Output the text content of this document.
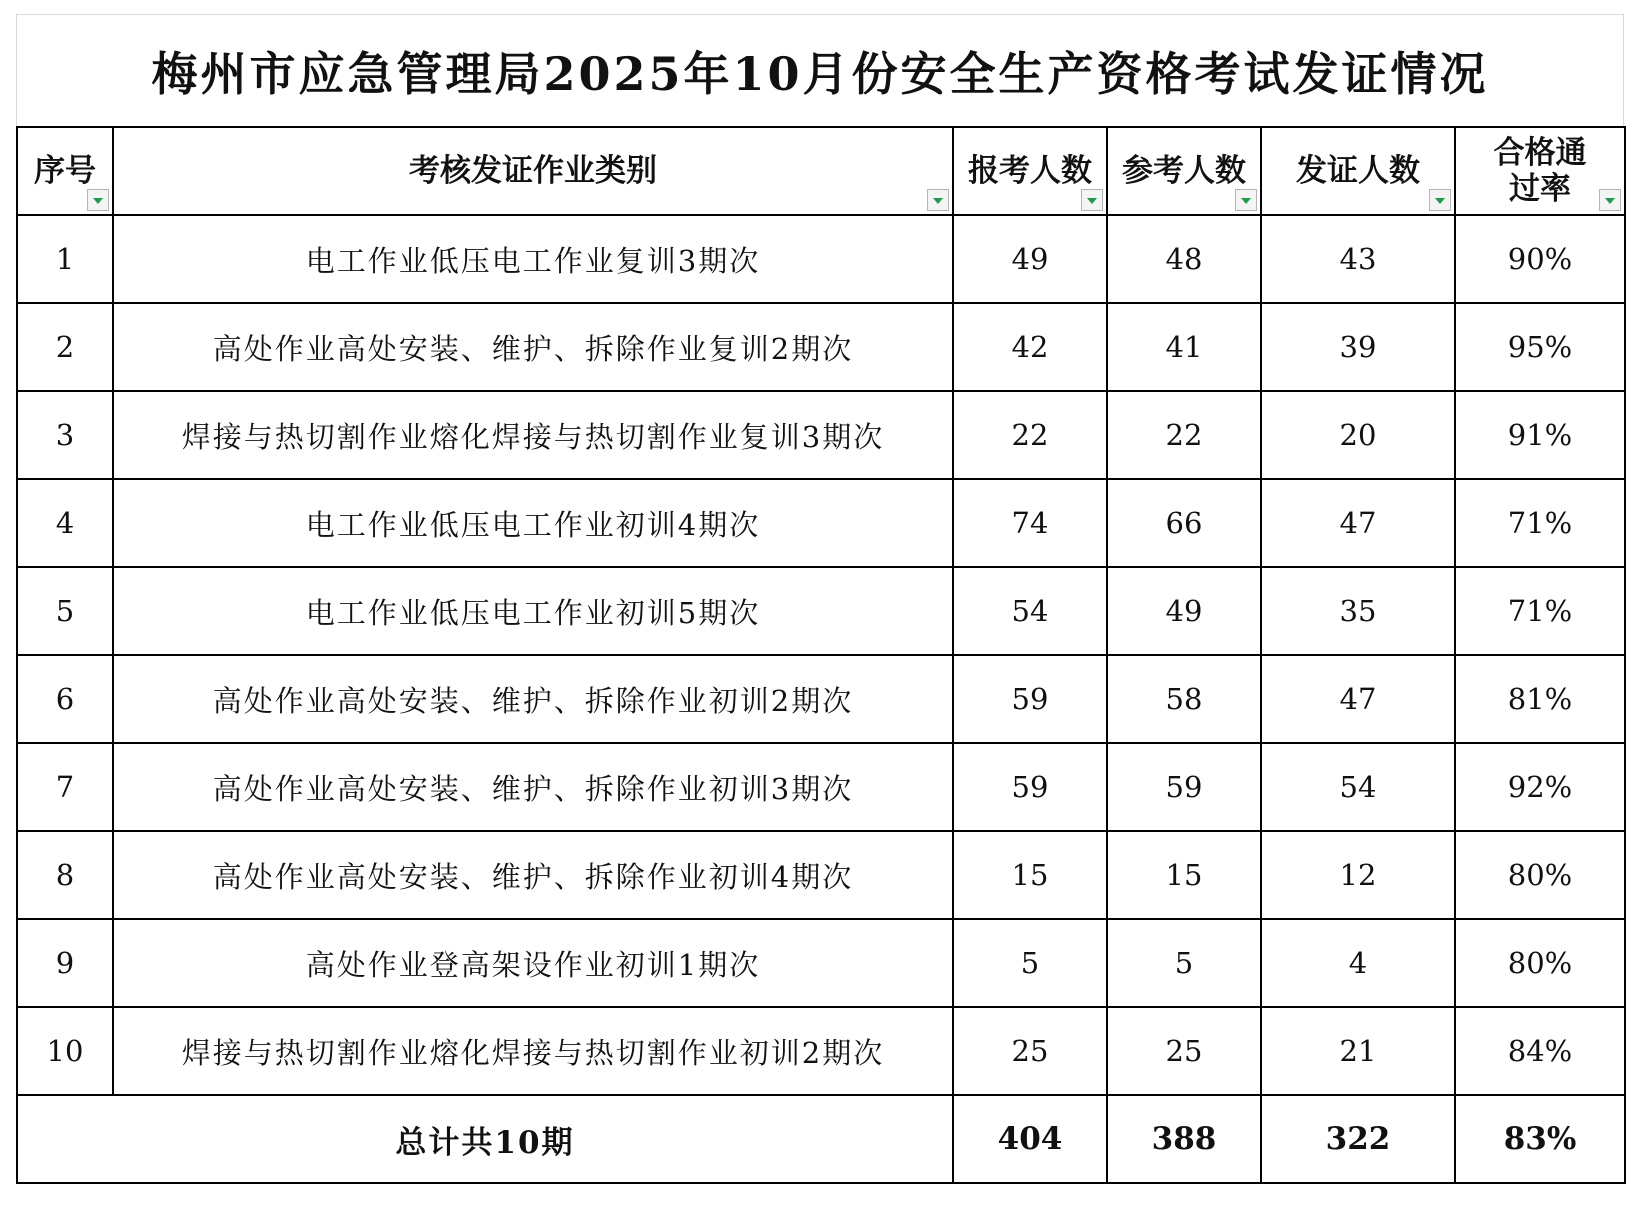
梅州市应急管理局2025年10月份安全生产资格考试发证情况
序号	考核发证作业类别	报考人数	参考人数	发证人数	合格通过率

1	电工作业低压电工作业复训3期次	49	48	43	90%
2	高处作业高处安装、维护、拆除作业复训2期次	42	41	39	95%
3	焊接与热切割作业熔化焊接与热切割作业复训3期次	22	22	20	91%
4	电工作业低压电工作业初训4期次	74	66	47	71%
5	电工作业低压电工作业初训5期次	54	49	35	71%
6	高处作业高处安装、维护、拆除作业初训2期次	59	58	47	81%
7	高处作业高处安装、维护、拆除作业初训3期次	59	59	54	92%
8	高处作业高处安装、维护、拆除作业初训4期次	15	15	12	80%
9	高处作业登高架设作业初训1期次	5	5	4	80%
10	焊接与热切割作业熔化焊接与热切割作业初训2期次	25	25	21	84%
总计共10期		404	388	322	83%
